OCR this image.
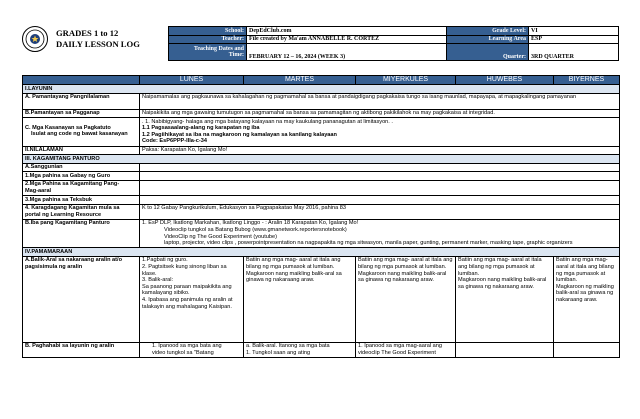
GRADES 1 to 12
DAILY LESSON LOG
School:	DepEdClub.com	Grade Level:	VI
Teacher:	File created by Ma'am ANNABELLE R. CORTEZ	Learning Area	ESP

Teaching Dates and
Time:	FEBRUARY 12 – 16, 2024 (WEEK 3)	Quarter:	3RD QUARTER
	LUNES	MARTES	MIYERKULES	HUWEBES	BIYERNES
I.LAYUNIN					
A. Pamantayang Pangnilalaman	Naipamamalas ang pagkaunawa sa kahalagahan ng pagmamahal sa bansa at pandaigdigang pagkakaisa tungo sa isang maunlad, mapayapa, at mapagkalingang pamayanan				
B.Pamantayan sa Pagganap	Naipakikita ang mga gawaing tumutugon sa pagmamahal sa bansa sa pamamagitan ng aktibong pakikilahok na may pagkakaisa at integridad.				

C. Mga Kasanayan sa Pagkatuto
Isulat ang code ng bawat kasanayan	. 1. Nabibigyang- halaga ang mga batayang kalayaan na may kaukulang pananagutan at limitasyon. .
1.1 Pagsasaalang-alang ng karapatan ng iba
1.2 Pagiihikayat sa iba na magkaroon ng kamalayan sa kanilang kalayaan
Code: EsP6PPP-IIIa-c-34				

II.NILALAMAN	Paksa: Karapatan Ko, Igalang Mo!				
III. KAGAMITANG PANTURO					
A.Sanggunian					
1.Mga pahina sa Gabay ng Guro					

2.Mga Pahina sa Kagamitang Pang-
Mag-aaral					

3.Mga pahina sa Teksbuk					

4. Karagdagang Kagamitan mula sa
portal ng Learning Resource	K to 12 Gabay Pangkurikulum, Edukasyon sa Pagpapakatao May 2016, pahina 83				
B.Iba pang Kagamitang Panturo	1. EsP DLP, Ikatlong Markahan, Ikatlong Linggo - : Aralin 18 Karapatan Ko, Igalang Mo!
Videoclip tungkol sa Batang Bubog (www.gmanetwork.reportersnotebook)
VideoClip ng The Good Experiment (youtube)
laptop, projector, video clips , powerpointpresentation na nagpapakita ng mga sitwasyon, manila paper, gunting, permanent marker, masking tape, graphic organizers				

IV.PAMAMARAAN					

A.Balik-Aral sa nakaraang aralin at/o
pagsisimula ng aralin	1.Pagbati ng guro.
2. Pagtsitsek kung sinong liban sa klase.
3. Balik-aral:
Sa paanong paraan maipakikita ang kamalayang sibiko.
4. Ipabasa ang panimula ng aralin at talakayin ang mahalagang Kaisipan.	Batiin ang mga mag- aaral at itala ang bilang ng mga pumasok at lumiban.
Magkaroon nang maikling balik-aral sa ginawa ng nakaraang araw.	Batiin ang mga mag- aaral at itala ang bilang ng mga pumasok at lumiban.
Magkaroon nang maikling balik-aral sa ginawa ng nakaraang araw.	Batiin ang mga mag- aaral at itala ang bilang ng mga pumasok at lumiban.
Magkaroon nang maikling balik-aral sa ginawa ng nakaraang araw.	Batiin ang mga mag-aaral at itala ang bilang ng mga pumasok at lumiban.
Magkaroon ng maikling balik-aral sa ginawa ng nakaraang araw.
B. Paghahabi sa layunin ng aralin	1. Ipanood sa mga bata ang
video tungkol sa "Batang	a. Balik-aral. Itanong sa mga bata
1. Tungkol saan ang ating	1. Ipanood sa mga mag-aaral ang
videoclip The Good Experiment		
